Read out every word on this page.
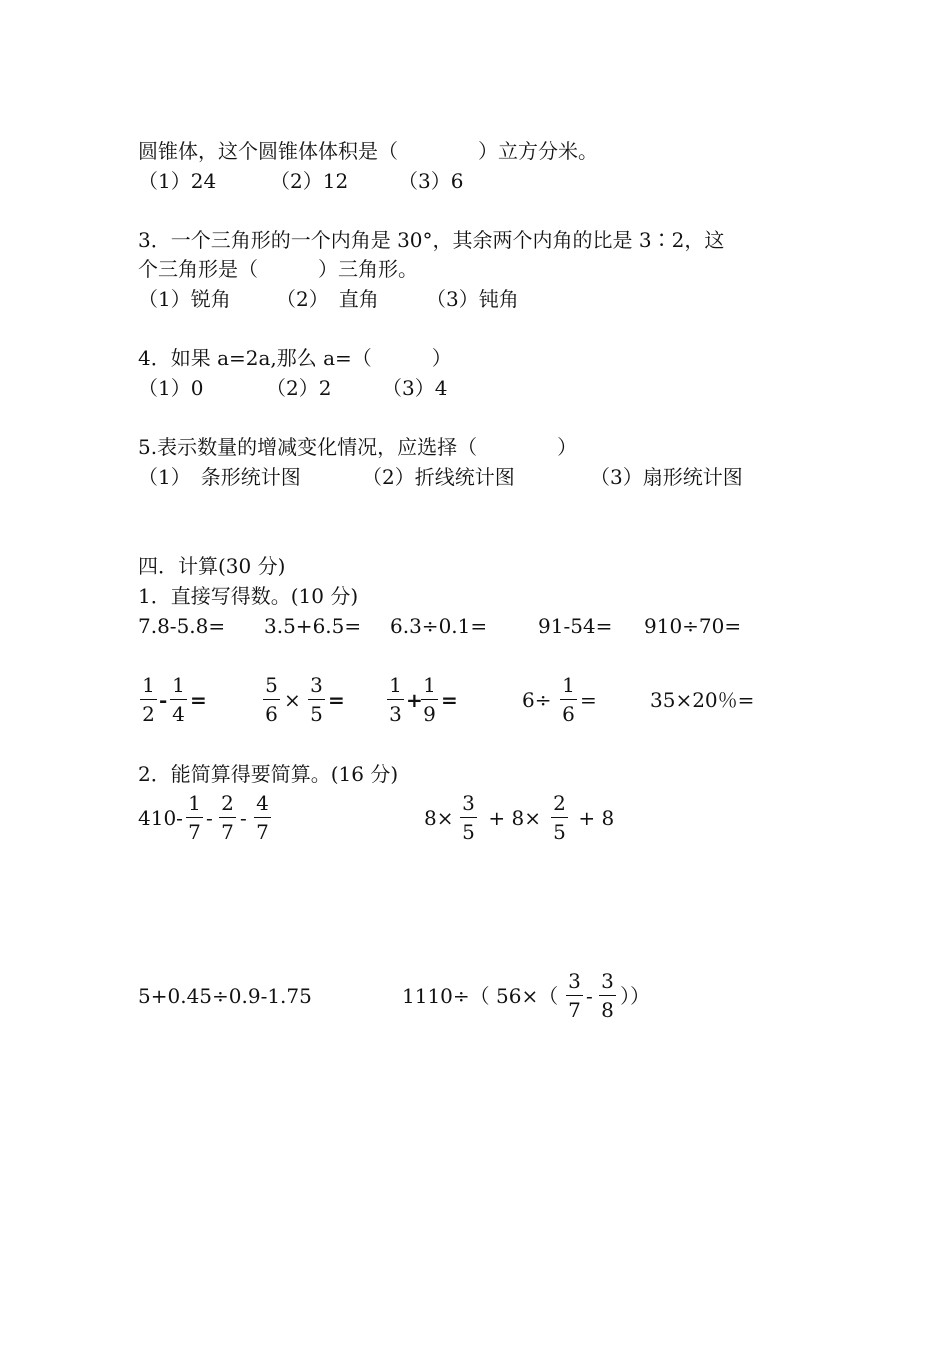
圆锥体，这个圆锥体体积是（　　　　）立方分米。
（1）24	（2）12 （3）6
3．一个三角形的一个内角是 30°，其余两个内角的比是 3∶2，这
个三角形是（　　　）三角形。
（1）锐角 （2）　直角 （3）钝角
4．如果 a=2a,那么 a=（　　　）
（1）0	（2）2	（3）4
5.表示数量的增减变化情况，应选择（　　　　）
（1）　条形统计图	（2）折线统计图	（3）扇形统计图
四．计算(30 分)
1．直接写得数。(10 分)
7.8-5.8= 3.5+6.5= 6.3÷0.1=	91-54= 910÷70=
1
2
-
1
4
=
5
6
×
3
5
=
1
3
+
1
9
=	6÷
1
6
=	35×20％=
2．能简算得要简算。(16 分)
410-
1
7
-
2
7
-
4
7
8×
3
5
+ 8×
2
5
+ 8
5+0.45÷0.9-1.75	1110÷（ 56×（
3
7
-
3
8
））
